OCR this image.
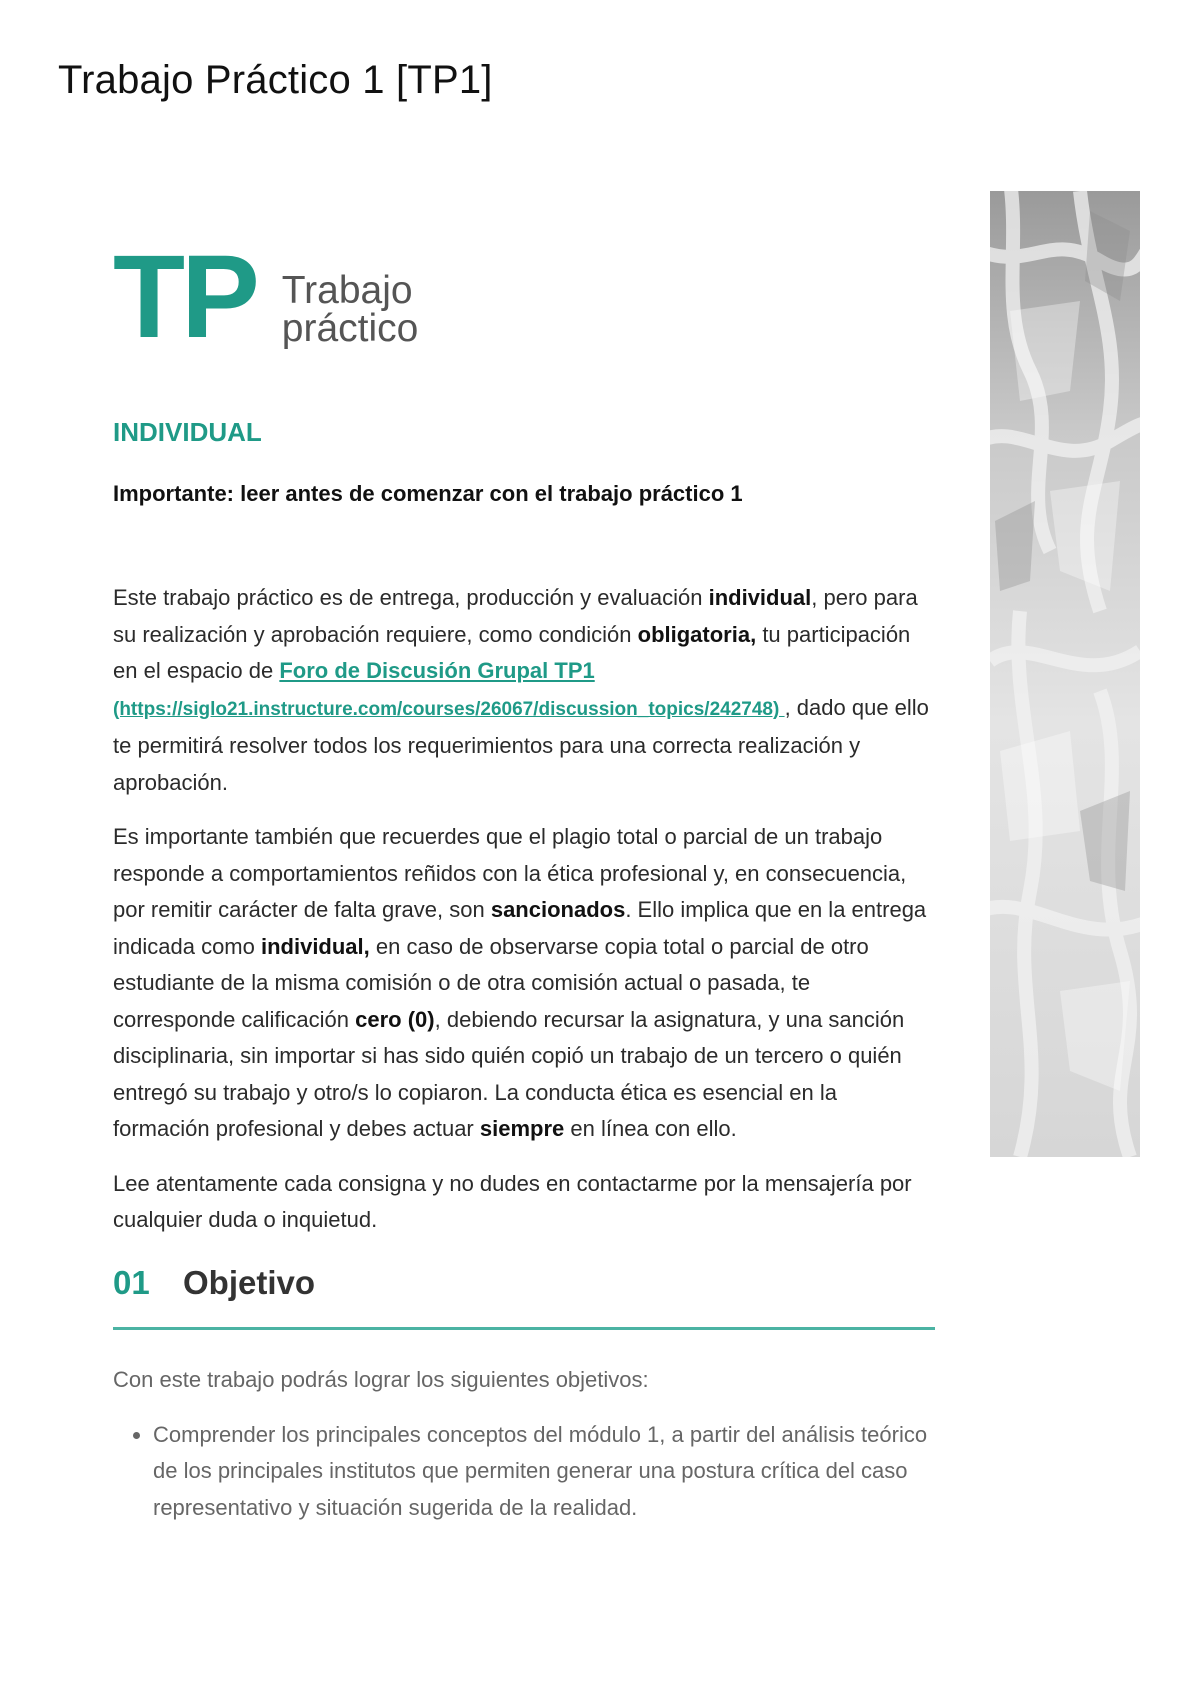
Trabajo Práctico 1 [TP1]
TP Trabajo
práctico
INDIVIDUAL
Importante: leer antes de comenzar con el trabajo práctico 1

Este trabajo práctico es de entrega, producción y evaluación individual, pero para su realización y aprobación requiere, como condición obligatoria, tu participación en el espacio de Foro de Discusión Grupal TP1 (https://siglo21.instructure.com/courses/26067/discussion_topics/242748) , dado que ello te permitirá resolver todos los requerimientos para una correcta realización y aprobación.

Es importante también que recuerdes que el plagio total o parcial de un trabajo responde a comportamientos reñidos con la ética profesional y, en consecuencia, por remitir carácter de falta grave, son sancionados. Ello implica que en la entrega indicada como individual, en caso de observarse copia total o parcial de otro estudiante de la misma comisión o de otra comisión actual o pasada, te corresponde calificación cero (0), debiendo recursar la asignatura, y una sanción disciplinaria, sin importar si has sido quién copió un trabajo de un tercero o quién entregó su trabajo y otro/s lo copiaron. La conducta ética es esencial en la formación profesional y debes actuar siempre en línea con ello.

Lee atentamente cada consigna y no dudes en contactarme por la mensajería por cualquier duda o inquietud.

01	Objetivo

Con este trabajo podrás lograr los siguientes objetivos:

• Comprender los principales conceptos del módulo 1, a partir del análisis teórico de los principales institutos que permiten generar una postura crítica del caso representativo y situación sugerida de la realidad.
